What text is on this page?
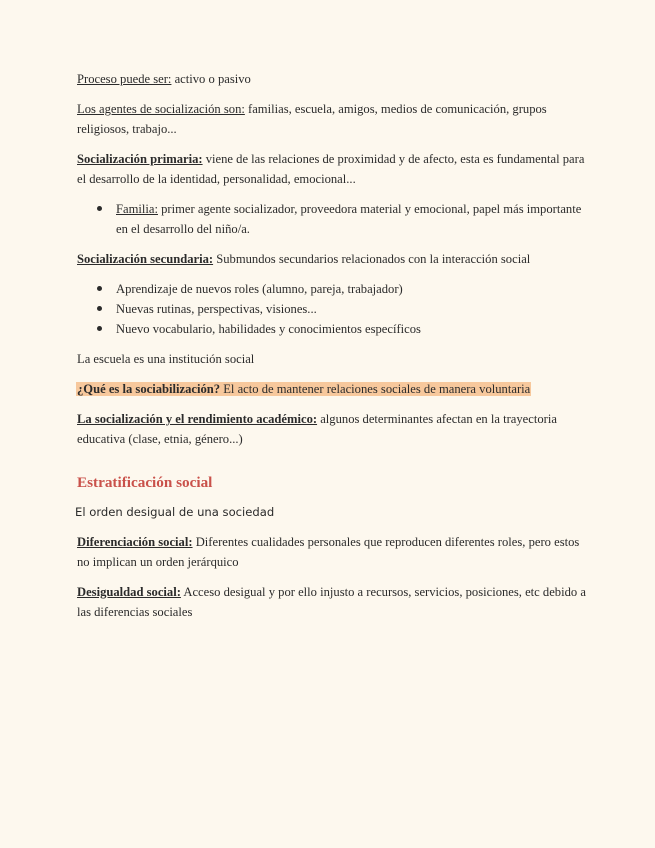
Proceso puede ser: activo o pasivo

Los agentes de socialización son: familias, escuela, amigos, medios de comunicación, grupos religiosos, trabajo...

Socialización primaria: viene de las relaciones de proximidad y de afecto, esta es fundamental para el desarrollo de la identidad, personalidad, emocional...

Familia: primer agente socializador, proveedora material y emocional, papel más importante en el desarrollo del niño/a.

Socialización secundaria: Submundos secundarios relacionados con la interacción social

Aprendizaje de nuevos roles (alumno, pareja, trabajador)
Nuevas rutinas, perspectivas, visiones...
Nuevo vocabulario, habilidades y conocimientos específicos

La escuela es una institución social

¿Qué es la sociabilización? El acto de mantener relaciones sociales de manera voluntaria

La socialización y el rendimiento académico: algunos determinantes afectan en la trayectoria educativa (clase, etnia, género...)

Estratificación social

El orden desigual de una sociedad

Diferenciación social: Diferentes cualidades personales que reproducen diferentes roles, pero estos no implican un orden jerárquico

Desigualdad social: Acceso desigual y por ello injusto a recursos, servicios, posiciones, etc debido a las diferencias sociales
